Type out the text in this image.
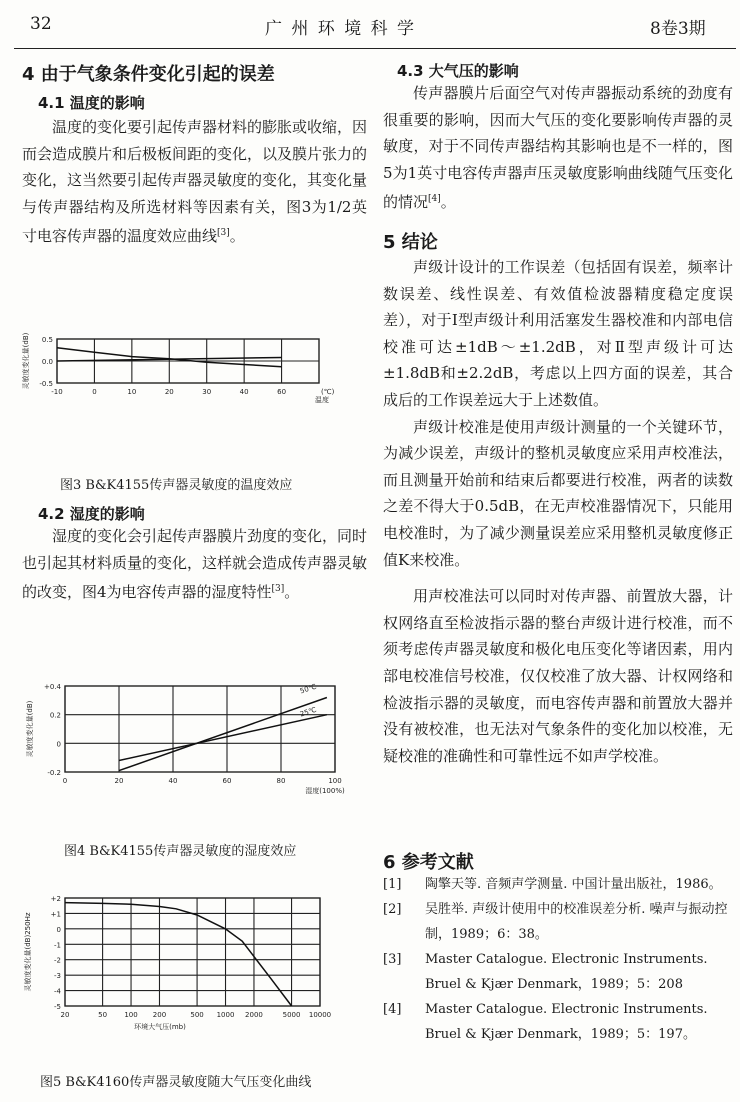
32	广 州 环 境 科 学	8卷3期
4 由于气象条件变化引起的误差
4.1 温度的影响

温度的变化要引起传声器材料的膨胀或收缩，因而会造成膜片和后极板间距的变化，以及膜片张力的变化，这当然要引起传声器灵敏度的变化，其变化量与传声器结构及所选材料等因素有关，图3为1/2英寸电容传声器的温度效应曲线[3]。

-10	0	10	20	30	40	60
0.5
0.0
-0.5
灵敏度变化量(dB)
温度
(℃)
图3 B&K4155传声器灵敏度的温度效应
4.2 湿度的影响

湿度的变化会引起传声器膜片劲度的变化，同时也引起其材料质量的变化，这样就会造成传声器灵敏的改变，图4为电容传声器的湿度特性[3]。

0	20	40	60	80	100
+0.4
0.2
0
-0.2
灵敏度变化量(dB)
湿度(100%)
50℃
25℃
图4 B&K4155传声器灵敏度的湿度效应
20	50 100 200	500 1000 2000	5000 10000
+2
+1
0
-1
-2
-3
-4
-5
灵敏度变化量(dB)250Hz
环境大气压(mb)
图5 B&K4160传声器灵敏度随大气压变化曲线
4.3 大气压的影响

传声器膜片后面空气对传声器振动系统的劲度有很重要的影响，因而大气压的变化要影响传声器的灵敏度，对于不同传声器结构其影响也是不一样的，图5为1英寸电容传声器声压灵敏度影响曲线随气压变化的情况[4]。

5 结论

声级计设计的工作误差（包括固有误差，频率计数误差、线性误差、有效值检波器精度稳定度误差），对于Ⅰ型声级计利用活塞发生器校准和内部电信校准可达±1dB～±1.2dB，对Ⅱ型声级计可达±1.8dB和±2.2dB，考虑以上四方面的误差，其合成后的工作误差远大于上述数值。

声级计校准是使用声级计测量的一个关键环节，为减少误差，声级计的整机灵敏度应采用声校准法，而且测量开始前和结束后都要进行校准，两者的读数之差不得大于0.5dB，在无声校准器情况下，只能用电校准时，为了减少测量误差应采用整机灵敏度修正值K来校准。

用声校准法可以同时对传声器、前置放大器，计权网络直至检波指示器的整台声级计进行校准，而不须考虑传声器灵敏度和极化电压变化等诸因素，用内部电校准信号校准，仅仅校准了放大器、计权网络和检波指示器的灵敏度，而电容传声器和前置放大器并没有被校准，也无法对气象条件的变化加以校准，无疑校准的准确性和可靠性远不如声学校准。

6 参考文献
[1] 陶擎天等. 音频声学测量. 中国计量出版社，1986。
[2] 吴胜举. 声级计使用中的校准误差分析. 噪声与振动控制，1989；6：38。
[3] Master Catalogue. Electronic Instruments. Bruel & Kjær Denmark，1989；5：208
[4] Master Catalogue. Electronic Instruments. Bruel & Kjær Denmark，1989；5：197。
